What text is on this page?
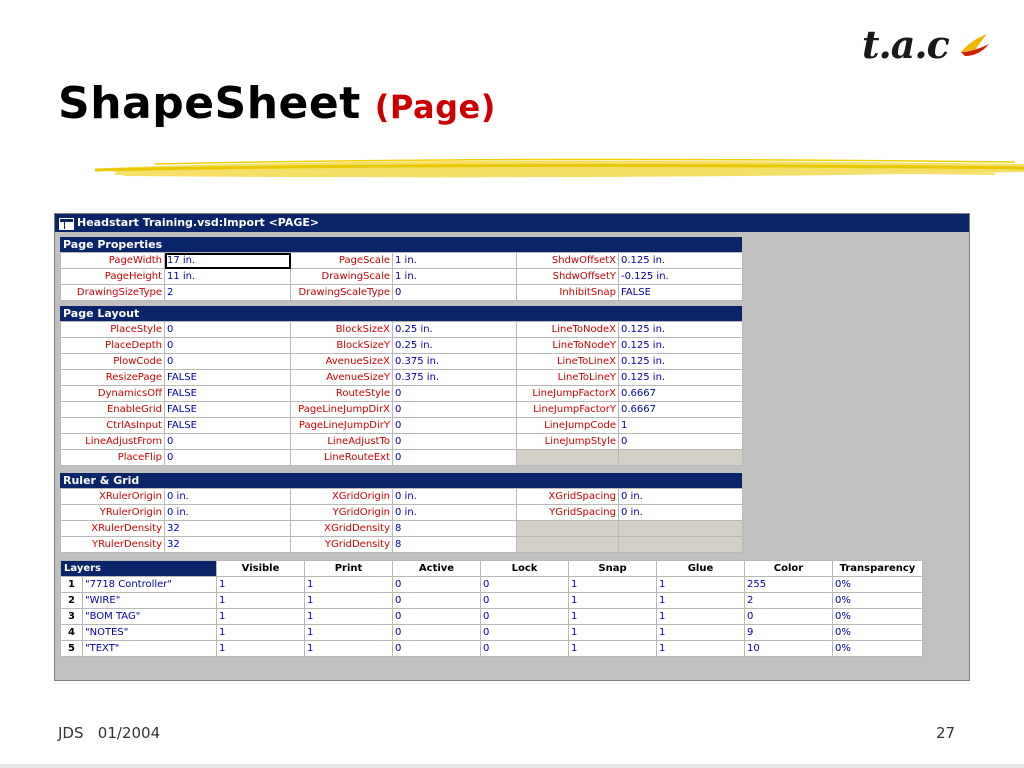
t.a.c
ShapeSheet (Page)
Headstart Training.vsd:Import <PAGE>
Page Properties
PageWidth	17 in.	PageScale	1 in.	ShdwOffsetX	0.125 in.
PageHeight	11 in.	DrawingScale	1 in.	ShdwOffsetY	-0.125 in.
DrawingSizeType	2	DrawingScaleType	0	InhibitSnap	FALSE
Page Layout
PlaceStyle	0	BlockSizeX	0.25 in.	LineToNodeX	0.125 in.
PlaceDepth	0	BlockSizeY	0.25 in.	LineToNodeY	0.125 in.
PlowCode	0	AvenueSizeX	0.375 in.	LineToLineX	0.125 in.
ResizePage	FALSE	AvenueSizeY	0.375 in.	LineToLineY	0.125 in.
DynamicsOff	FALSE	RouteStyle	0	LineJumpFactorX	0.6667
EnableGrid	FALSE	PageLineJumpDirX	0	LineJumpFactorY	0.6667
CtrlAsInput	FALSE	PageLineJumpDirY	0	LineJumpCode	1
LineAdjustFrom	0	LineAdjustTo	0	LineJumpStyle	0
PlaceFlip	0	LineRouteExt	0		
Ruler & Grid
XRulerOrigin	0 in.	XGridOrigin	0 in.	XGridSpacing	0 in.
YRulerOrigin	0 in.	YGridOrigin	0 in.	YGridSpacing	0 in.
XRulerDensity	32	XGridDensity	8		
YRulerDensity	32	YGridDensity	8		
Layers		Visible	Print	Active	Lock	Snap	Glue	Color	Transparency
1	"7718 Controller"	1	1	0	0	1	1	255	0%
2	"WIRE"	1	1	0	0	1	1	2	0%
3	"BOM TAG"	1	1	0	0	1	1	0	0%
4	"NOTES"	1	1	0	0	1	1	9	0%
5	"TEXT"	1	1	0	0	1	1	10	0%
JDS   01/2004	27
